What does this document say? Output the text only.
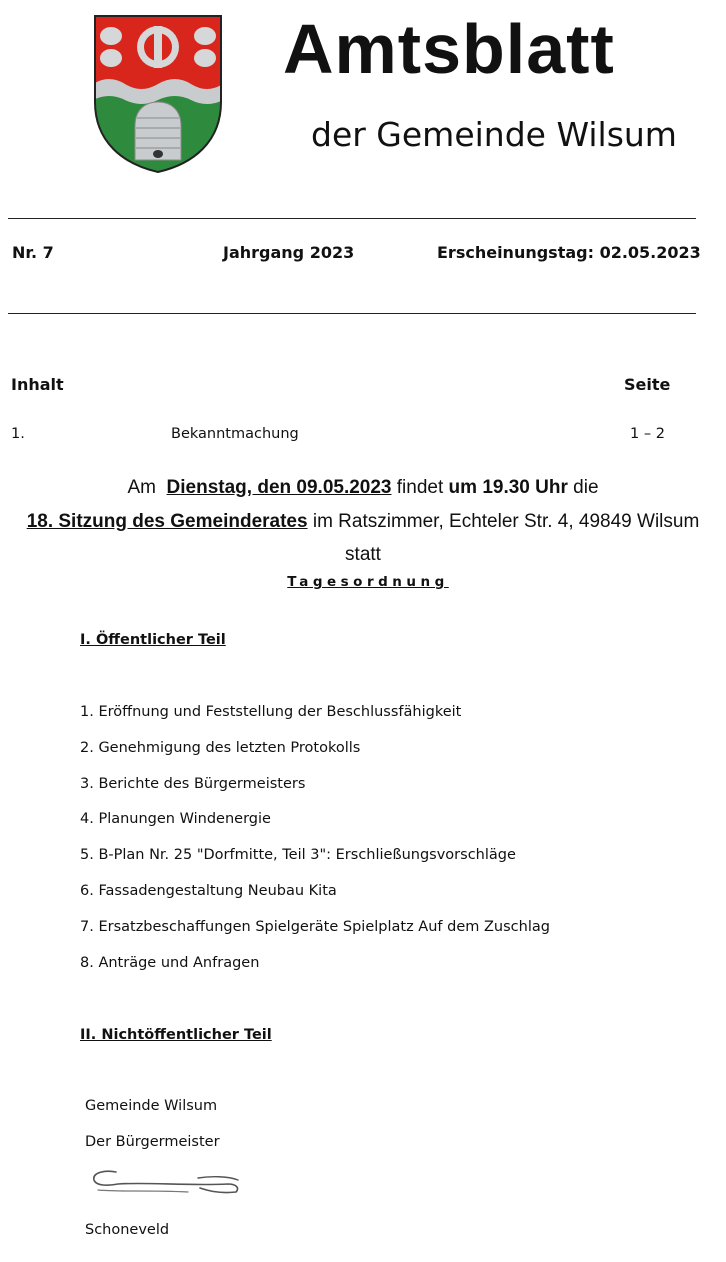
Amtsblatt
der Gemeinde Wilsum
Nr. 7	Jahrgang 2023	Erscheinungstag: 02.05.2023
Inhalt	Seite
1.	Bekanntmachung	1 – 2
Am Dienstag, den 09.05.2023 findet um 19.30 Uhr die
18. Sitzung des Gemeinderates im Ratszimmer, Echteler Str. 4, 49849 Wilsum
statt
Tagesordnung
I. Öffentlicher Teil
1. Eröffnung und Feststellung der Beschlussfähigkeit
2. Genehmigung des letzten Protokolls
3. Berichte des Bürgermeisters
4. Planungen Windenergie
5. B-Plan Nr. 25 "Dorfmitte, Teil 3": Erschließungsvorschläge
6. Fassadengestaltung Neubau Kita
7. Ersatzbeschaffungen Spielgeräte Spielplatz Auf dem Zuschlag
8. Anträge und Anfragen
II. Nichtöffentlicher Teil
Gemeinde Wilsum
Der Bürgermeister
Schoneveld
